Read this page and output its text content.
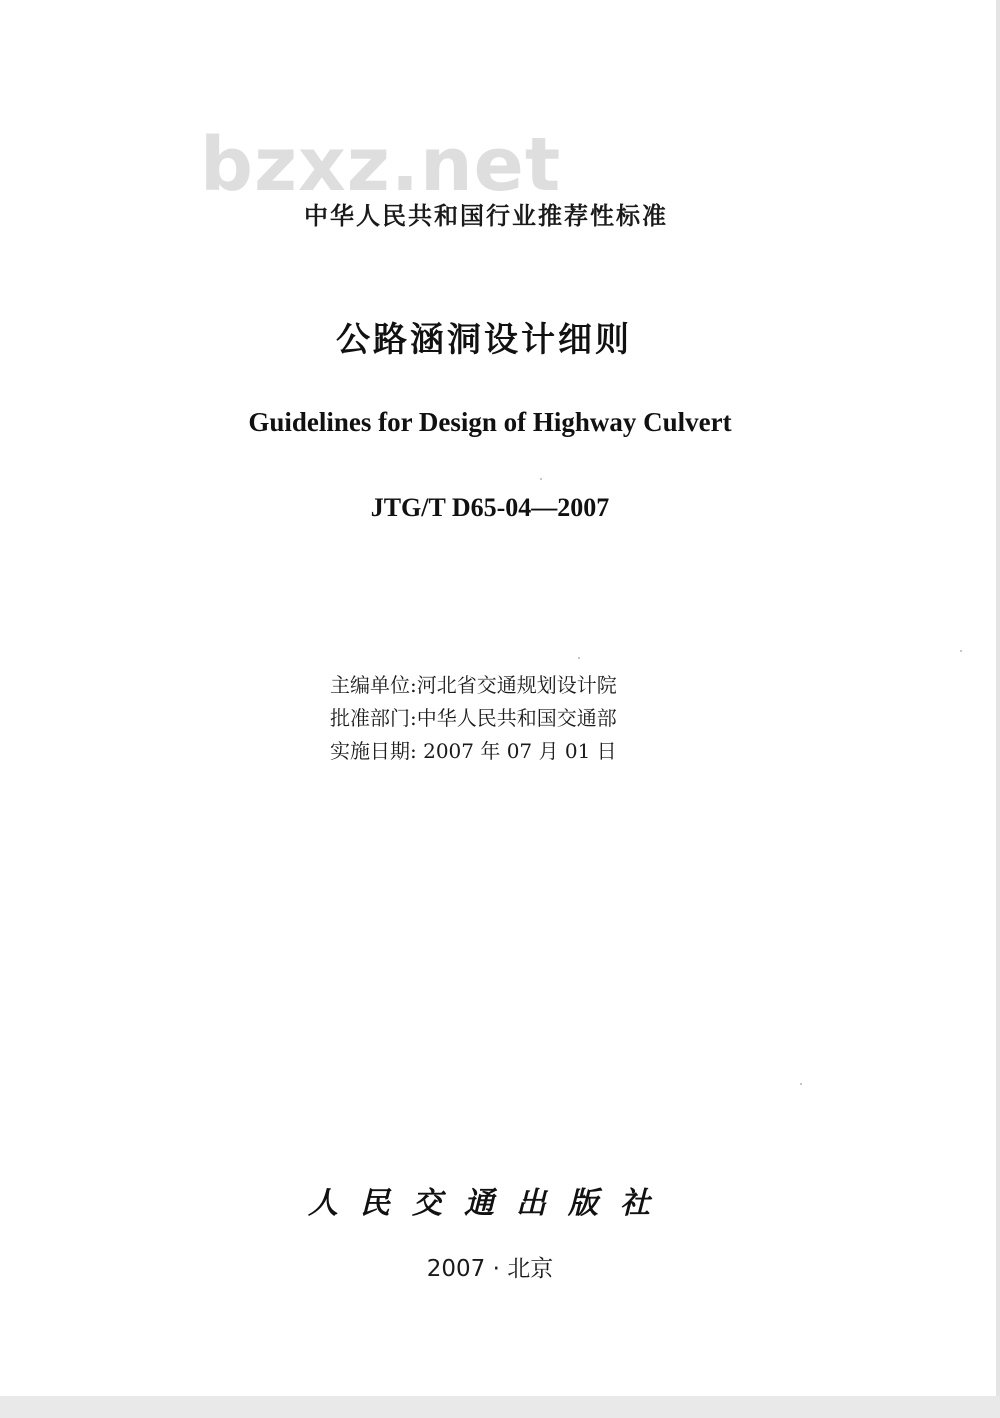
bzxz.net
中华人民共和国行业推荐性标准
公路涵洞设计细则
Guidelines for Design of Highway Culvert
JTG/T D65-04—2007
主编单位:河北省交通规划设计院
批准部门:中华人民共和国交通部
实施日期: 2007 年 07 月 01 日
人民交通出版社
2007 · 北京
